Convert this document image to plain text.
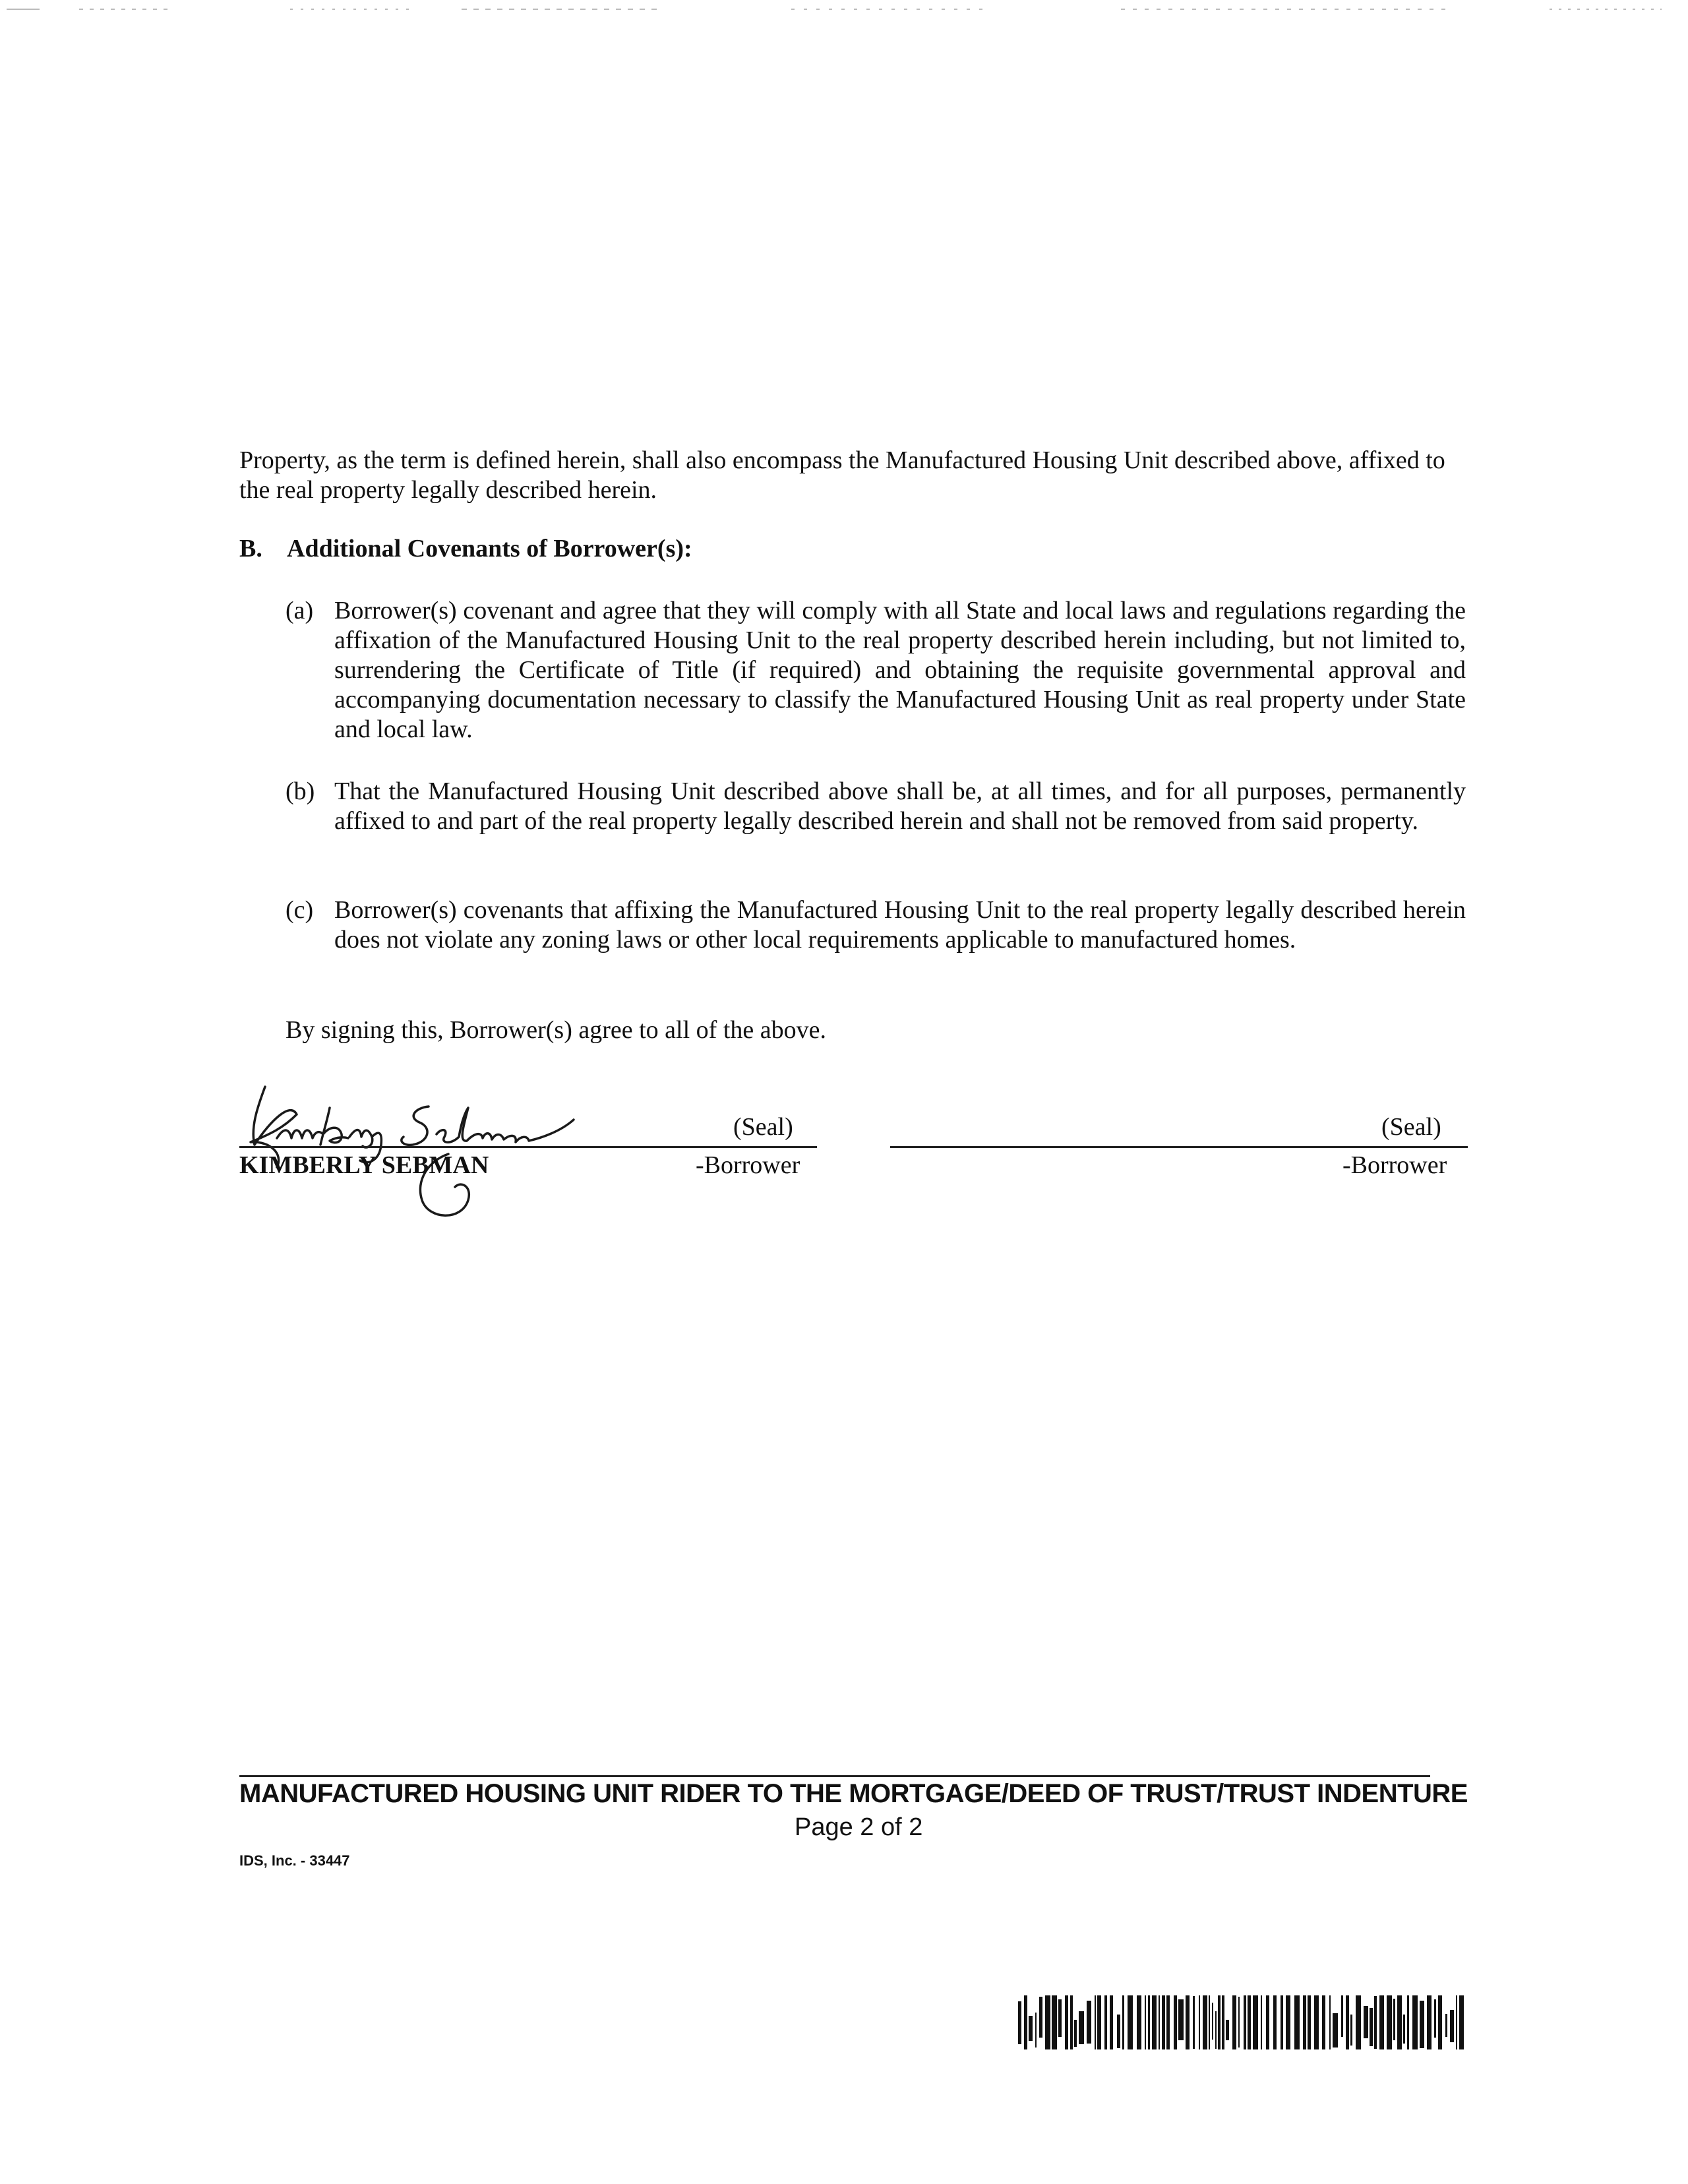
Property, as the term is defined herein, shall also encompass the Manufactured Housing Unit described above, affixed to the real property legally described herein.
B. Additional Covenants of Borrower(s):
(a) Borrower(s) covenant and agree that they will comply with all State and local laws and regulations regarding the affixation of the Manufactured Housing Unit to the real property described herein including, but not limited to, surrendering the Certificate of Title (if required) and obtaining the requisite governmental approval and accompanying documentation necessary to classify the Manufactured Housing Unit as real property under State and local law.
(b) That the Manufactured Housing Unit described above shall be, at all times, and for all purposes, permanently affixed to and part of the real property legally described herein and shall not be removed from said property.
(c) Borrower(s) covenants that affixing the Manufactured Housing Unit to the real property legally described herein does not violate any zoning laws or other local requirements applicable to manufactured homes.
By signing this, Borrower(s) agree to all of the above.
(Seal)
KIMBERLY SEBMAN	-Borrower
(Seal)
-Borrower
MANUFACTURED HOUSING UNIT RIDER TO THE MORTGAGE/DEED OF TRUST/TRUST INDENTURE
Page 2 of 2
IDS, Inc. - 33447
